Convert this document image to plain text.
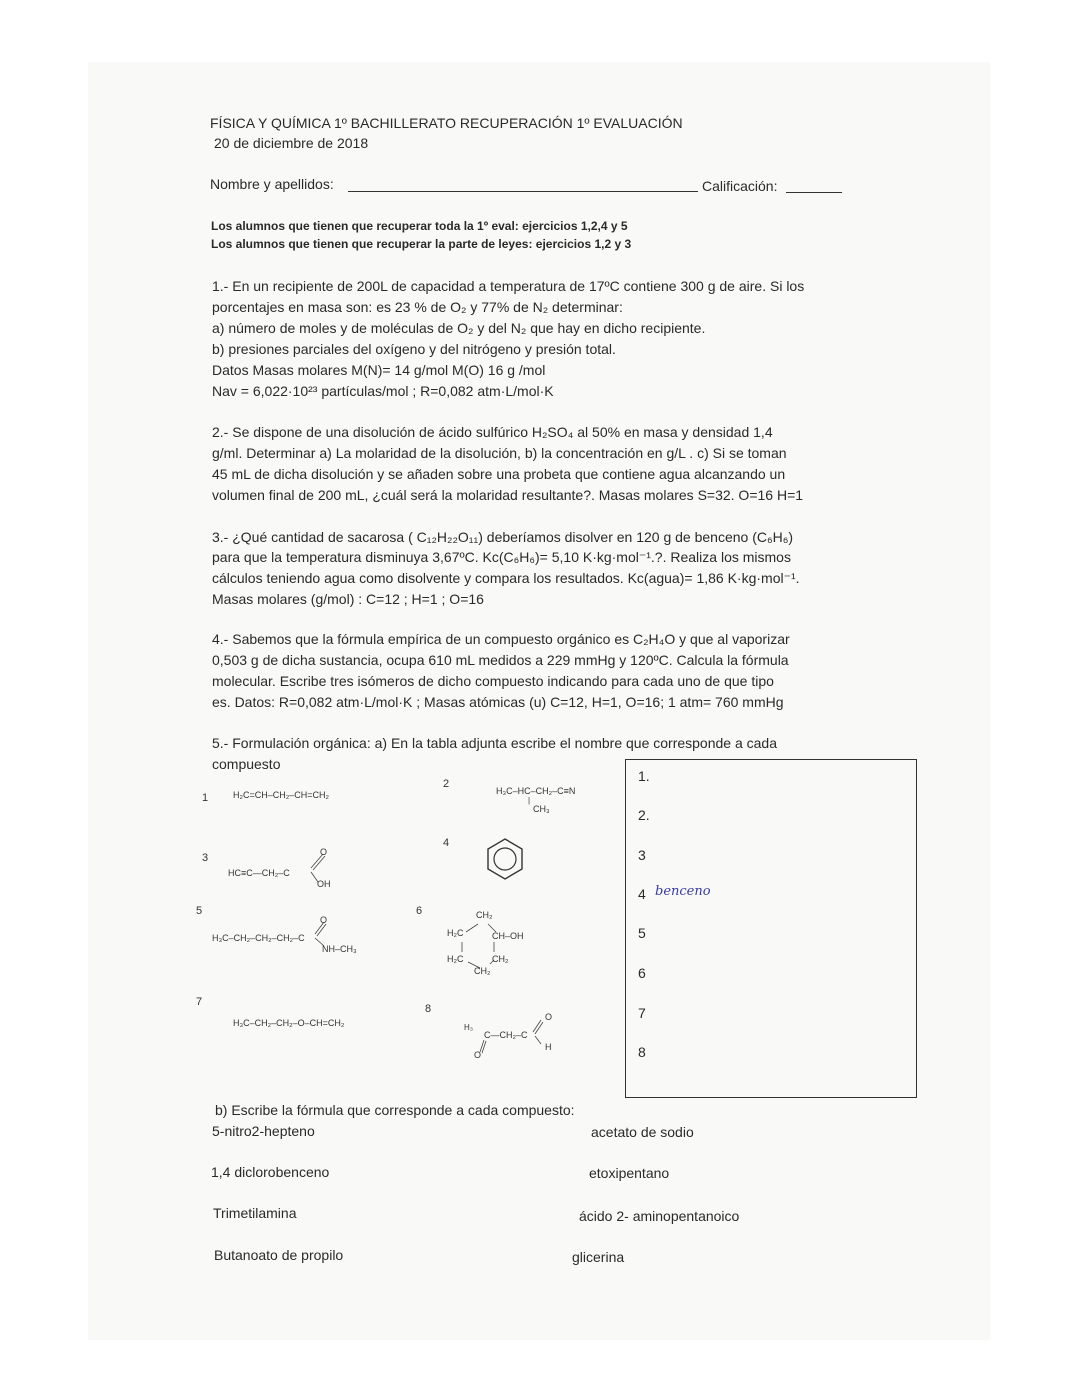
FÍSICA Y QUÍMICA 1º BACHILLERATO RECUPERACIÓN 1º EVALUACIÓN
20 de diciembre de 2018
Nombre y apellidos:	Calificación:
Los alumnos que tienen que recuperar toda la 1º eval: ejercicios 1,2,4 y 5
Los alumnos que tienen que recuperar la parte de leyes: ejercicios 1,2 y 3
1.- En un recipiente de 200L de capacidad a temperatura de 17ºC contiene 300 g de aire. Si los
porcentajes en masa son: es 23 % de O₂ y 77% de N₂ determinar:
a) número de moles y de moléculas de O₂ y del N₂ que hay en dicho recipiente.
b) presiones parciales del oxígeno y del nitrógeno y presión total.
Datos Masas molares M(N)= 14 g/mol M(O) 16 g /mol
Nav = 6,022·10²³ partículas/mol ; R=0,082 atm·L/mol·K
2.- Se dispone de una disolución de ácido sulfúrico H₂SO₄ al 50% en masa y densidad 1,4
g/ml. Determinar a) La molaridad de la disolución, b) la concentración en g/L . c) Si se toman
45 mL de dicha disolución y se añaden sobre una probeta que contiene agua alcanzando un
volumen final de 200 mL, ¿cuál será la molaridad resultante?. Masas molares S=32. O=16 H=1
3.- ¿Qué cantidad de sacarosa ( C₁₂H₂₂O₁₁) deberíamos disolver en 120 g de benceno (C₆H₆)
para que la temperatura disminuya 3,67ºC. Kc(C₆H₆)= 5,10 K·kg·mol⁻¹.?. Realiza los mismos
cálculos teniendo agua como disolvente y compara los resultados. Kc(agua)= 1,86 K·kg·mol⁻¹.
Masas molares (g/mol) : C=12 ; H=1 ; O=16
4.- Sabemos que la fórmula empírica de un compuesto orgánico es C₂H₄O y que al vaporizar
0,503 g de dicha sustancia, ocupa 610 mL medidos a 229 mmHg y 120ºC. Calcula la fórmula
molecular. Escribe tres isómeros de dicho compuesto indicando para cada uno de que tipo
es. Datos: R=0,082 atm·L/mol·K ; Masas atómicas (u) C=12, H=1, O=16; 1 atm= 760 mmHg
5.- Formulación orgánica: a) En la tabla adjunta escribe el nombre que corresponde a cada
compuesto
1
2
3
4
5	6
7
8
H₂C=CH–CH₂–CH=CH₂	H₃C–HC–CH₂–C≡N
|
CH₃
HC≡C—CH₂–C
O
OH
H₃C–CH₂–CH₂–CH₂–C
O
NH–CH₃
CH₂
H₂C	CH–OH
H₂C	CH₂
CH₂
H₃C–CH₂–CH₂–O–CH=CH₂	H₃
C—CH₂–C
O
O
H
1.
2.
3
4 benceno
5
6
7
8
b) Escribe la fórmula que corresponde a cada compuesto:
5-nitro2-hepteno
1,4 diclorobenceno
Trimetilamina
Butanoato de propilo
acetato de sodio
etoxipentano
ácido 2- aminopentanoico
glicerina
